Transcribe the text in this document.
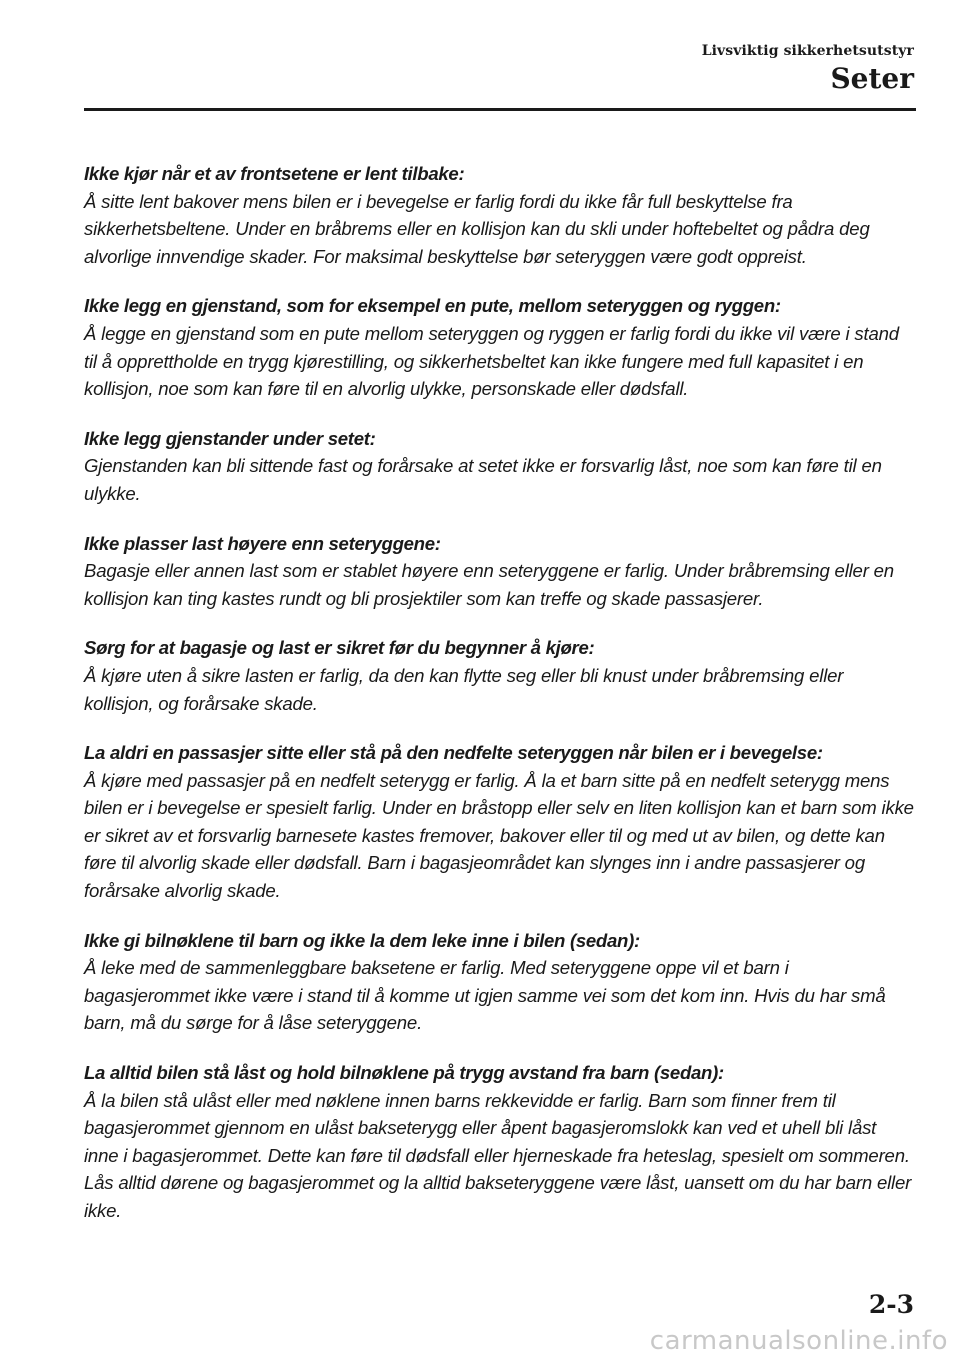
Livsviktig sikkerhetsutstyr
Seter
Ikke kjør når et av frontsetene er lent tilbake:
Å sitte lent bakover mens bilen er i bevegelse er farlig fordi du ikke får full beskyttelse fra sikkerhetsbeltene. Under en bråbrems eller en kollisjon kan du skli under hoftebeltet og pådra deg alvorlige innvendige skader. For maksimal beskyttelse bør seteryggen være godt oppreist.
Ikke legg en gjenstand, som for eksempel en pute, mellom seteryggen og ryggen:
Å legge en gjenstand som en pute mellom seteryggen og ryggen er farlig fordi du ikke vil være i stand til å opprettholde en trygg kjørestilling, og sikkerhetsbeltet kan ikke fungere med full kapasitet i en kollisjon, noe som kan føre til en alvorlig ulykke, personskade eller dødsfall.
Ikke legg gjenstander under setet:
Gjenstanden kan bli sittende fast og forårsake at setet ikke er forsvarlig låst, noe som kan føre til en ulykke.
Ikke plasser last høyere enn seteryggene:
Bagasje eller annen last som er stablet høyere enn seteryggene er farlig. Under bråbremsing eller en kollisjon kan ting kastes rundt og bli prosjektiler som kan treffe og skade passasjerer.
Sørg for at bagasje og last er sikret før du begynner å kjøre:
Å kjøre uten å sikre lasten er farlig, da den kan flytte seg eller bli knust under bråbremsing eller kollisjon, og forårsake skade.
La aldri en passasjer sitte eller stå på den nedfelte seteryggen når bilen er i bevegelse:
Å kjøre med passasjer på en nedfelt seterygg er farlig. Å la et barn sitte på en nedfelt seterygg mens bilen er i bevegelse er spesielt farlig. Under en bråstopp eller selv en liten kollisjon kan et barn som ikke er sikret av et forsvarlig barnesete kastes fremover, bakover eller til og med ut av bilen, og dette kan føre til alvorlig skade eller dødsfall. Barn i bagasjeområdet kan slynges inn i andre passasjerer og forårsake alvorlig skade.
Ikke gi bilnøklene til barn og ikke la dem leke inne i bilen (sedan):
Å leke med de sammenleggbare baksetene er farlig. Med seteryggene oppe vil et barn i bagasjerommet ikke være i stand til å komme ut igjen samme vei som det kom inn. Hvis du har små barn, må du sørge for å låse seteryggene.
La alltid bilen stå låst og hold bilnøklene på trygg avstand fra barn (sedan):
Å la bilen stå ulåst eller med nøklene innen barns rekkevidde er farlig. Barn som finner frem til bagasjerommet gjennom en ulåst bakseterygg eller åpent bagasjeromslokk kan ved et uhell bli låst inne i bagasjerommet. Dette kan føre til dødsfall eller hjerneskade fra heteslag, spesielt om sommeren. Lås alltid dørene og bagasjerommet og la alltid bakseteryggene være låst, uansett om du har barn eller ikke.
2-3
carmanualsonline.info
